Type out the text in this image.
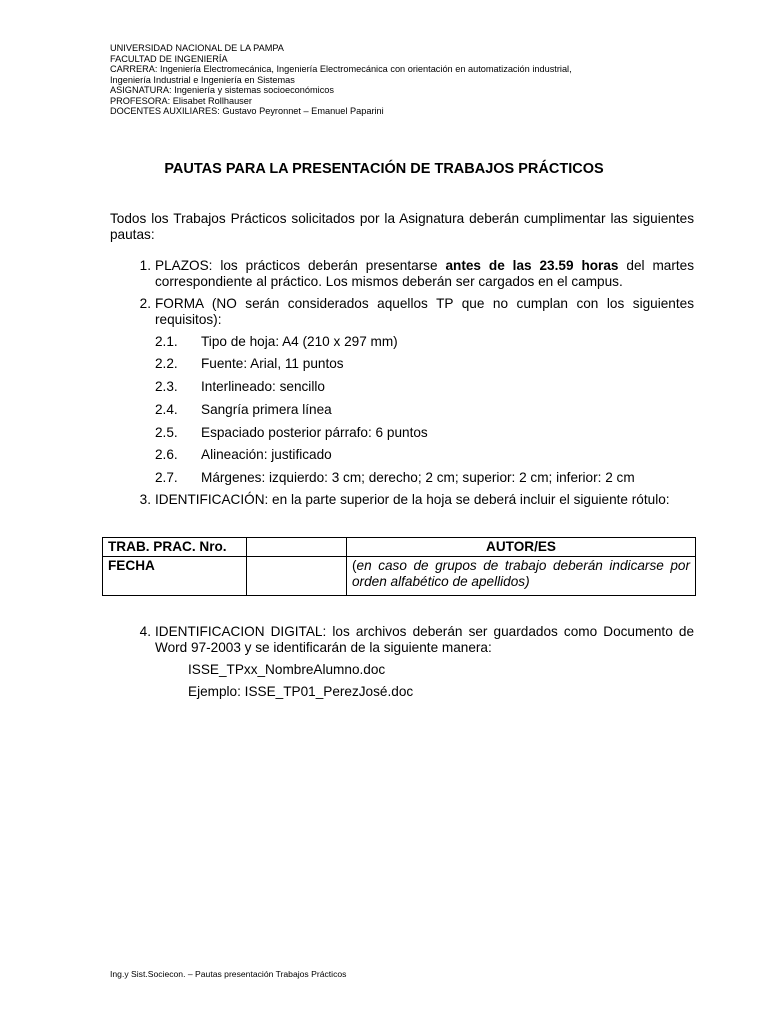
UNIVERSIDAD NACIONAL DE LA PAMPA
FACULTAD DE INGENIERÍA
CARRERA: Ingeniería Electromecánica, Ingeniería Electromecánica con orientación en automatización industrial,
Ingeniería Industrial e Ingeniería en Sistemas
ASIGNATURA: Ingeniería y sistemas socioeconómicos
PROFESORA: Elisabet Rollhauser
DOCENTES AUXILIARES: Gustavo Peyronnet – Emanuel Paparini
PAUTAS PARA LA PRESENTACIÓN DE TRABAJOS PRÁCTICOS
Todos los Trabajos Prácticos solicitados por la Asignatura deberán cumplimentar las siguientes pautas:
1. PLAZOS: los prácticos deberán presentarse antes de las 23.59 horas del martes correspondiente al práctico. Los mismos deberán ser cargados en el campus.
2. FORMA (NO serán considerados aquellos TP que no cumplan con los siguientes requisitos):
2.1. Tipo de hoja: A4 (210 x 297 mm)
2.2. Fuente: Arial, 11 puntos
2.3. Interlineado: sencillo
2.4. Sangría primera línea
2.5. Espaciado posterior párrafo: 6 puntos
2.6. Alineación: justificado
2.7. Márgenes: izquierdo: 3 cm; derecho; 2 cm; superior: 2 cm; inferior: 2 cm
3. IDENTIFICACIÓN: en la parte superior de la hoja se deberá incluir el siguiente rótulo:
TRAB. PRAC. Nro.		AUTOR/ES
FECHA		(en caso de grupos de trabajo deberán indicarse por orden alfabético de apellidos)
4. IDENTIFICACION DIGITAL: los archivos deberán ser guardados como Documento de Word 97-2003 y se identificarán de la siguiente manera:
ISSE_TPxx_NombreAlumno.doc
Ejemplo: ISSE_TP01_PerezJosé.doc
Ing.y Sist.Sociecon. – Pautas presentación Trabajos Prácticos
